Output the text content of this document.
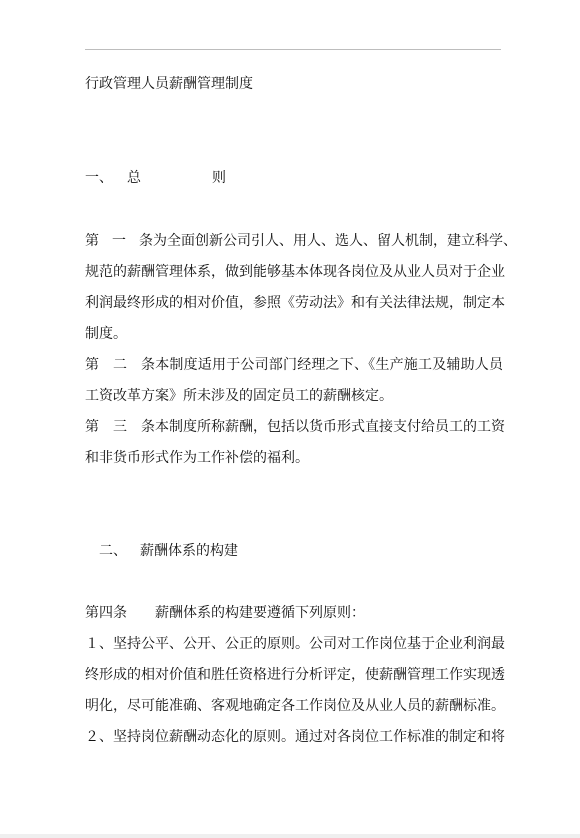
行政管理人员薪酬管理制度
一、 总	则
第一条为全面创新公司引人、用人、选人、留人机制，建立科学、
规范的薪酬管理体系，做到能够基本体现各岗位及从业人员对于企业
利润最终形成的相对价值，参照《劳动法》和有关法律法规，制定本
制度。
第二条本制度适用于公司部门经理之下、《生产施工及辅助人员
工资改革方案》所未涉及的固定员工的薪酬核定。
第三条本制度所称薪酬，包括以货币形式直接支付给员工的工资
和非货币形式作为工作补偿的福利。
二、 薪酬体系的构建
第四条 薪酬体系的构建要遵循下列原则：
１、坚持公平、公开、公正的原则。公司对工作岗位基于企业利润最
终形成的相对价值和胜任资格进行分析评定，使薪酬管理工作实现透
明化，尽可能准确、客观地确定各工作岗位及从业人员的薪酬标准。
２、坚持岗位薪酬动态化的原则。通过对各岗位工作标准的制定和将
